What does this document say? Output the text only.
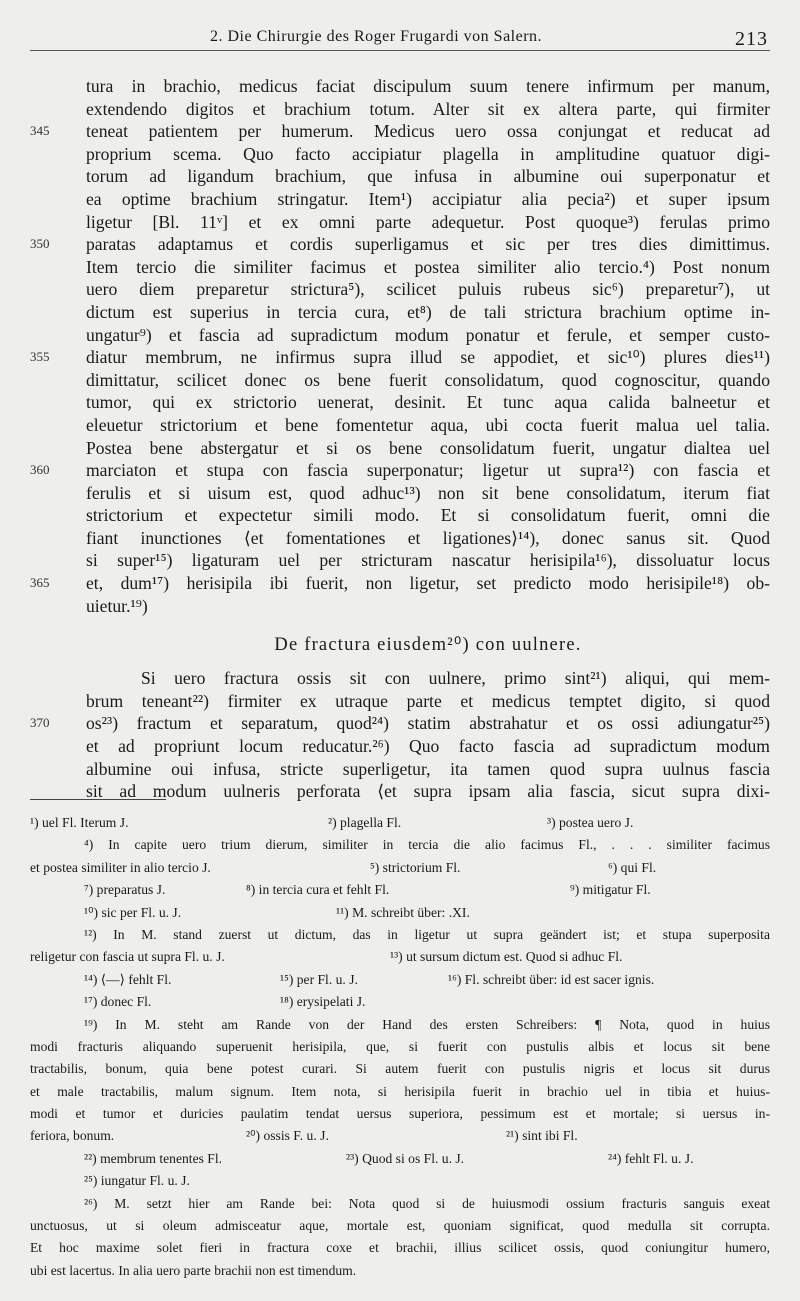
2. Die Chirurgie des Roger Frugardi von Salern.	213
tura in brachio, medicus faciat discipulum suum tenere infirmum per manum,
extendendo digitos et brachium totum. Alter sit ex altera parte, qui firmiter
345	teneat patientem per humerum. Medicus uero ossa conjungat et reducat ad
proprium scema. Quo facto accipiatur plagella in amplitudine quatuor digi-
torum ad ligandum brachium, que infusa in albumine oui superponatur et
ea optime brachium stringatur. Item¹) accipiatur alia pecia²) et super ipsum
ligetur [Bl. 11ᵛ] et ex omni parte adequetur. Post quoque³) ferulas primo
350	paratas adaptamus et cordis superligamus et sic per tres dies dimittimus.
Item tercio die similiter facimus et postea similiter alio tercio.⁴) Post nonum
uero diem preparetur strictura⁵), scilicet puluis rubeus sic⁶) preparetur⁷), ut
dictum est superius in tercia cura, et⁸) de tali strictura brachium optime in-
ungatur⁹) et fascia ad supradictum modum ponatur et ferule, et semper custo-
355	diatur membrum, ne infirmus supra illud se appodiet, et sic¹⁰) plures dies¹¹)
dimittatur, scilicet donec os bene fuerit consolidatum, quod cognoscitur, quando
tumor, qui ex strictorio uenerat, desinit. Et tunc aqua calida balneetur et
eleuetur strictorium et bene fomentetur aqua, ubi cocta fuerit malua uel talia.
Postea bene abstergatur et si os bene consolidatum fuerit, ungatur dialtea uel
360	marciaton et stupa con fascia superponatur; ligetur ut supra¹²) con fascia et
ferulis et si uisum est, quod adhuc¹³) non sit bene consolidatum, iterum fiat
strictorium et expectetur simili modo. Et si consolidatum fuerit, omni die
fiant inunctiones ⟨et fomentationes et ligationes⟩¹⁴), donec sanus sit. Quod
si super¹⁵) ligaturam uel per stricturam nascatur herisipila¹⁶), dissoluatur locus
365	et, dum¹⁷) herisipila ibi fuerit, non ligetur, set predicto modo herisipile¹⁸) ob-
uietur.¹⁹)
De fractura eiusdem²⁰) con uulnere.
Si uero fractura ossis sit con uulnere, primo sint²¹) aliqui, qui mem-
brum teneant²²) firmiter ex utraque parte et medicus temptet digito, si quod
370	os²³) fractum et separatum, quod²⁴) statim abstrahatur et os ossi adiungatur²⁵)
et ad propriunt locum reducatur.²⁶) Quo facto fascia ad supradictum modum
albumine oui infusa, stricte superligetur, ita tamen quod supra uulnus fascia
sit ad modum uulneris perforata ⟨et supra ipsam alia fascia, sicut supra dixi-
¹) uel Fl. Iterum J.	²) plagella Fl.	³) postea uero J.
⁴) In capite uero trium dierum, similiter in tercia die alio facimus Fl., . . . similiter facimus
et postea similiter in alio tercio J.	⁵) strictorium Fl.	⁶) qui Fl.
⁷) preparatus J.	⁸) in tercia cura et fehlt Fl.	⁹) mitigatur Fl.
¹⁰) sic per Fl. u. J.	¹¹) M. schreibt über: .XI.
¹²) In M. stand zuerst ut dictum, das in ligetur ut supra geändert ist; et stupa superposita
religetur con fascia ut supra Fl. u. J.	¹³) ut sursum dictum est. Quod si adhuc Fl.
¹⁴) ⟨—⟩ fehlt Fl.	¹⁵) per Fl. u. J.	¹⁶) Fl. schreibt über: id est sacer ignis.
¹⁷) donec Fl.	¹⁸) erysipelati J.
¹⁹) In M. steht am Rande von der Hand des ersten Schreibers: ¶ Nota, quod in huius
modi fracturis aliquando superuenit herisipila, que, si fuerit con pustulis albis et locus sit bene
tractabilis, bonum, quia bene potest curari. Si autem fuerit con pustulis nigris et locus sit durus
et male tractabilis, malum signum. Item nota, si herisipila fuerit in brachio uel in tibia et huius-
modi et tumor et duricies paulatim tendat uersus superiora, pessimum est et mortale; si uersus in-
feriora, bonum.	²⁰) ossis F. u. J.	²¹) sint ibi Fl.
²²) membrum tenentes Fl.	²³) Quod si os Fl. u. J.	²⁴) fehlt Fl. u. J.
²⁵) iungatur Fl. u. J.
²⁶) M. setzt hier am Rande bei: Nota quod si de huiusmodi ossium fracturis sanguis exeat
unctuosus, ut si oleum admisceatur aque, mortale est, quoniam significat, quod medulla sit corrupta.
Et hoc maxime solet fieri in fractura coxe et brachii, illius scilicet ossis, quod coniungitur humero,
ubi est lacertus. In alia uero parte brachii non est timendum.
